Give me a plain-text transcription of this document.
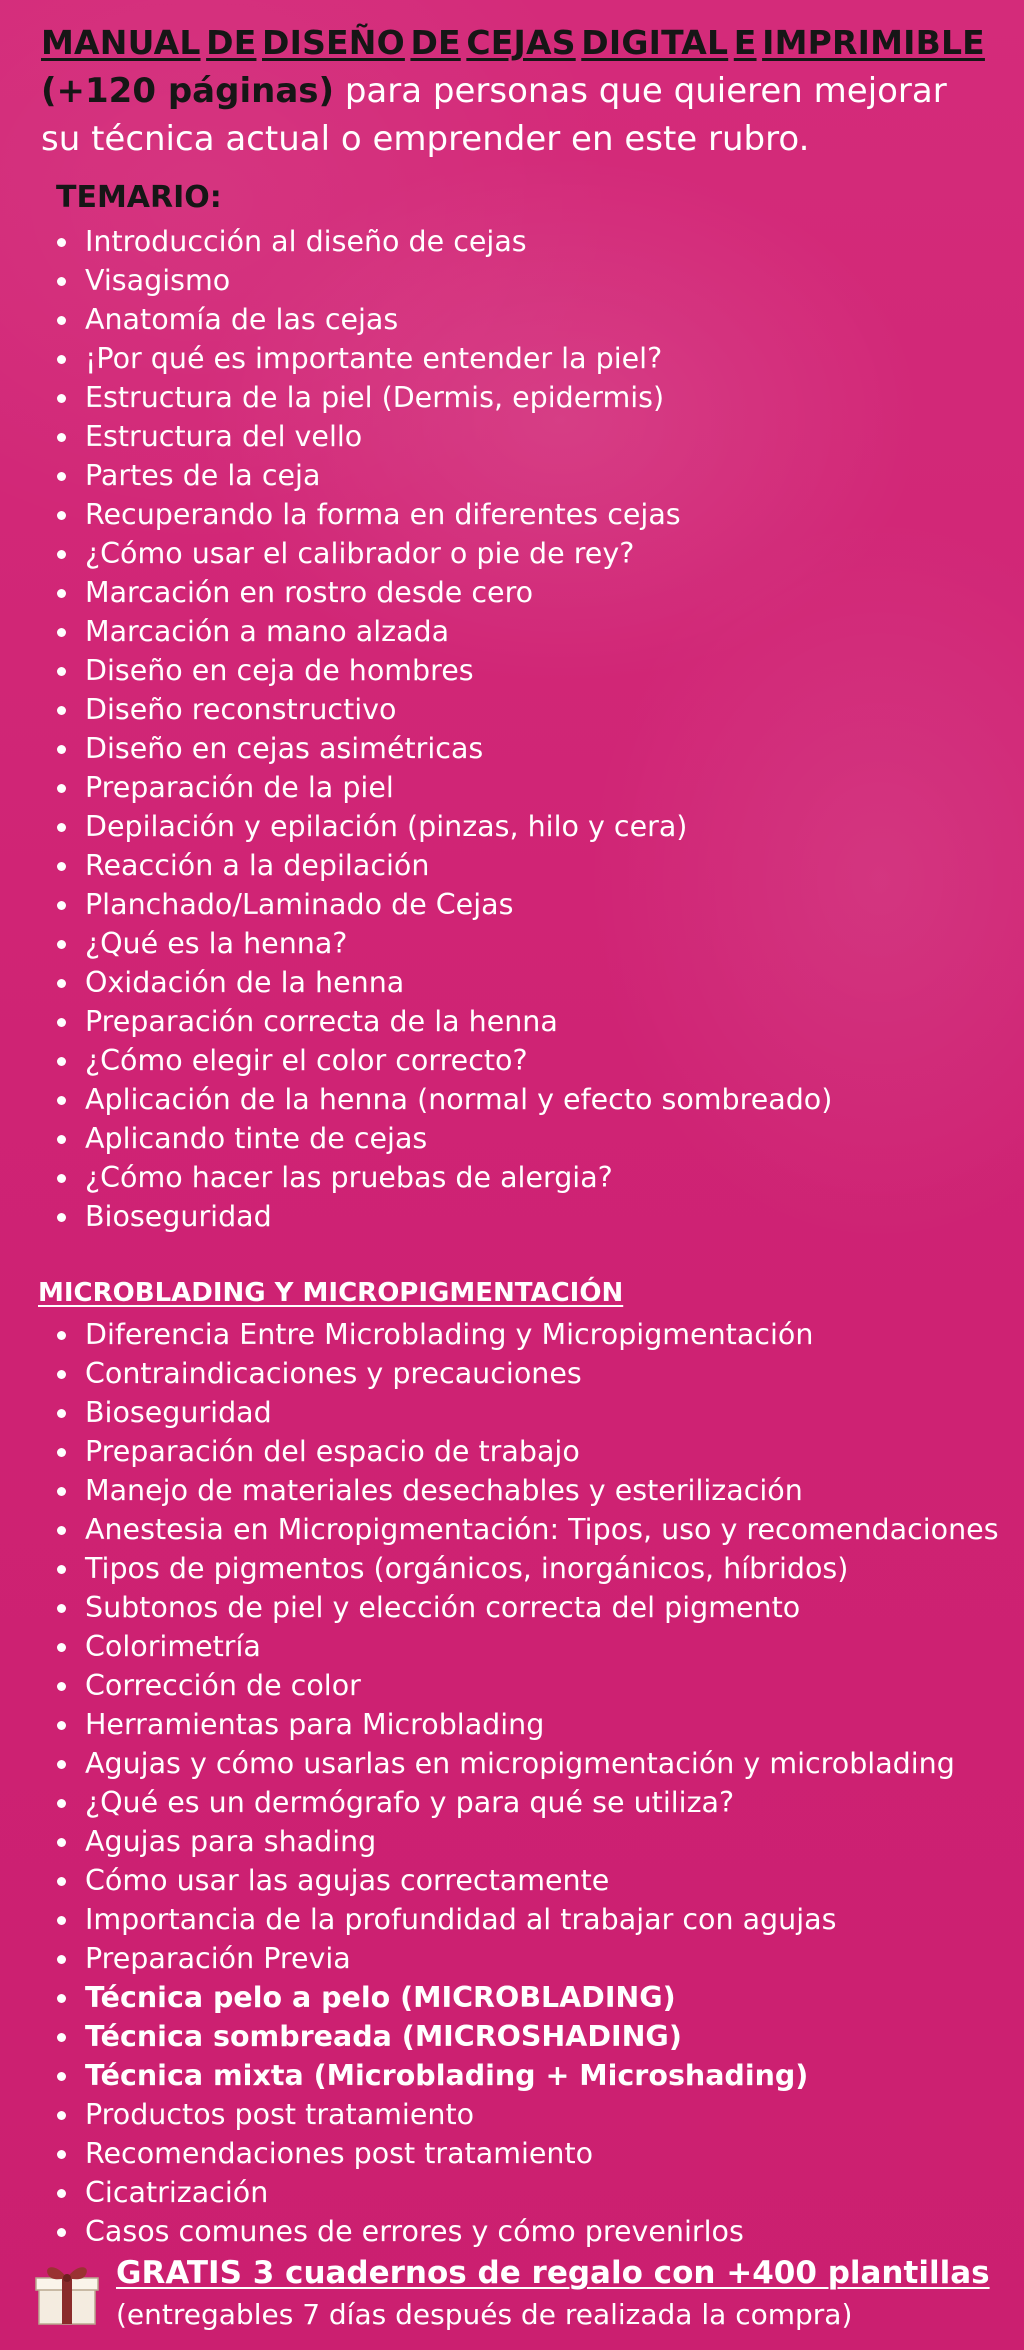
MANUAL DE DISEÑO DE CEJAS DIGITAL E IMPRIMIBLE
(+120 páginas) para personas que quieren mejorar su técnica actual o emprender en este rubro.
TEMARIO:
Introducción al diseño de cejas
Visagismo
Anatomía de las cejas
¡Por qué es importante entender la piel?
Estructura de la piel (Dermis, epidermis)
Estructura del vello
Partes de la ceja
Recuperando la forma en diferentes cejas
¿Cómo usar el calibrador o pie de rey?
Marcación en rostro desde cero
Marcación a mano alzada
Diseño en ceja de hombres
Diseño reconstructivo
Diseño en cejas asimétricas
Preparación de la piel
Depilación y epilación (pinzas, hilo y cera)
Reacción a la depilación
Planchado/Laminado de Cejas
¿Qué es la henna?
Oxidación de la henna
Preparación correcta de la henna
¿Cómo elegir el color correcto?
Aplicación de la henna (normal y efecto sombreado)
Aplicando tinte de cejas
¿Cómo hacer las pruebas de alergia?
Bioseguridad
MICROBLADING Y MICROPIGMENTACIÓN
Diferencia Entre Microblading y Micropigmentación
Contraindicaciones y precauciones
Bioseguridad
Preparación del espacio de trabajo
Manejo de materiales desechables y esterilización
Anestesia en Micropigmentación: Tipos, uso y recomendaciones
Tipos de pigmentos (orgánicos, inorgánicos, híbridos)
Subtonos de piel y elección correcta del pigmento
Colorimetría
Corrección de color
Herramientas para Microblading
Agujas y cómo usarlas en micropigmentación y microblading
¿Qué es un dermógrafo y para qué se utiliza?
Agujas para shading
Cómo usar las agujas correctamente
Importancia de la profundidad al trabajar con agujas
Preparación Previa
Técnica pelo a pelo (MICROBLADING)
Técnica sombreada (MICROSHADING)
Técnica mixta (Microblading + Microshading)
Productos post tratamiento
Recomendaciones post tratamiento
Cicatrización
Casos comunes de errores y cómo prevenirlos
GRATIS 3 cuadernos de regalo con +400 plantillas
(entregables 7 días después de realizada la compra)
